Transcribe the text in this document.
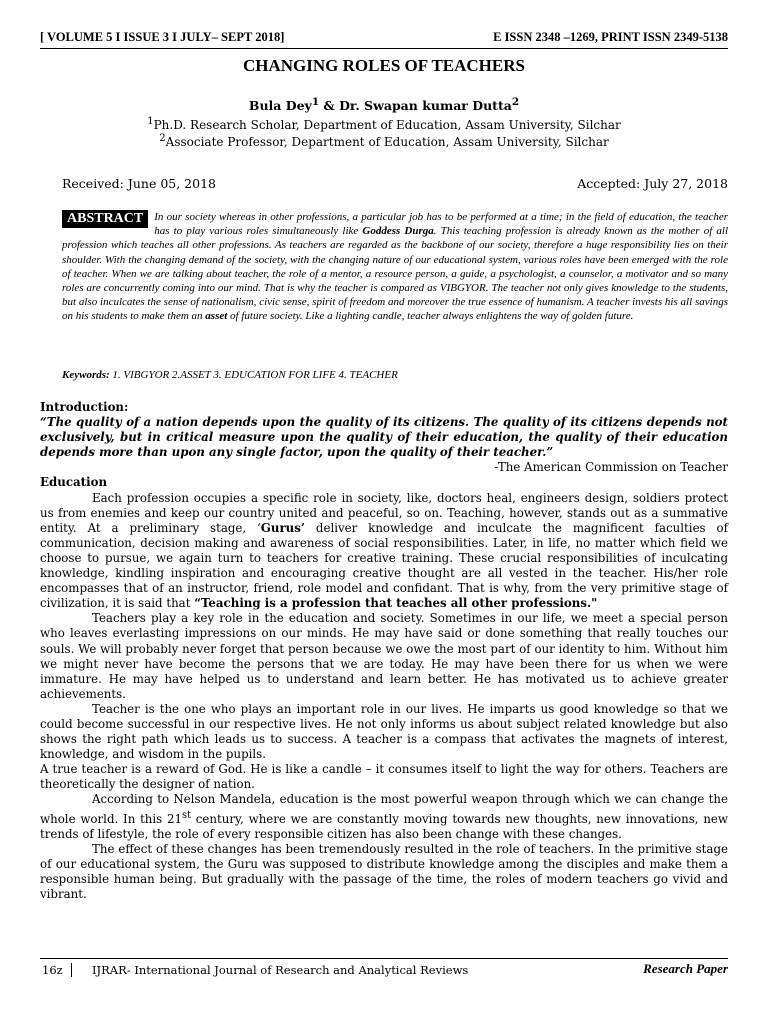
[ VOLUME 5 I ISSUE 3 I JULY– SEPT 2018]	E ISSN 2348 –1269, PRINT ISSN 2349-5138
CHANGING ROLES OF TEACHERS
Bula Dey$^1$ & Dr. Swapan kumar Dutta$^2$
$^1$Ph.D. Research Scholar, Department of Education, Assam University, Silchar
$^2$Associate Professor, Department of Education, Assam University, Silchar
Received: June 05, 2018	Accepted: July 27, 2018
ABSTRACT	In our society whereas in other professions, a particular job has to be performed at a time; in the field of education, the teacher has to play various roles simultaneously like Goddess Durga. This teaching profession is already known as the mother of all profession which teaches all other professions. As teachers are regarded as the backbone of our society, therefore a huge responsibility lies on their shoulder. With the changing demand of the society, with the changing nature of our educational system, various roles have been emerged with the role of teacher. When we are talking about teacher, the role of a mentor, a resource person, a guide, a psychologist, a counselor, a motivator and so many roles are concurrently coming into our mind. That is why the teacher is compared as VIBGYOR. The teacher not only gives knowledge to the students, but also inculcates the sense of nationalism, civic sense, spirit of freedom and moreover the true essence of humanism. A teacher invests his all savings on his students to make them an asset of future society. Like a lighting candle, teacher always enlightens the way of golden future.
Keywords: 1. VIBGYOR 2.ASSET 3. EDUCATION FOR LIFE 4. TEACHER

Introduction:

“The quality of a nation depends upon the quality of its citizens. The quality of its citizens depends not exclusively, but in critical measure upon the quality of their education, the quality of their education depends more than upon any single factor, upon the quality of their teacher.”

-The American Commission on Teacher

Education

Each profession occupies a specific role in society, like, doctors heal, engineers design, soldiers protect us from enemies and keep our country united and peaceful, so on. Teaching, however, stands out as a summative entity. At a preliminary stage, ‘Gurus’ deliver knowledge and inculcate the magnificent faculties of communication, decision making and awareness of social responsibilities. Later, in life, no matter which field we choose to pursue, we again turn to teachers for creative training. These crucial responsibilities of inculcating knowledge, kindling inspiration and encouraging creative thought are all vested in the teacher. His/her role encompasses that of an instructor, friend, role model and confidant. That is why, from the very primitive stage of civilization, it is said that “Teaching is a profession that teaches all other professions."

Teachers play a key role in the education and society. Sometimes in our life, we meet a special person who leaves everlasting impressions on our minds. He may have said or done something that really touches our souls. We will probably never forget that person because we owe the most part of our identity to him. Without him we might never have become the persons that we are today. He may have been there for us when we were immature. He may have helped us to understand and learn better. He has motivated us to achieve greater achievements.

Teacher is the one who plays an important role in our lives. He imparts us good knowledge so that we could become successful in our respective lives. He not only informs us about subject related knowledge but also shows the right path which leads us to success. A teacher is a compass that activates the magnets of interest, knowledge, and wisdom in the pupils.

A true teacher is a reward of God. He is like a candle – it consumes itself to light the way for others. Teachers are theoretically the designer of nation.

According to Nelson Mandela, education is the most powerful weapon through which we can change the whole world. In this 21st century, where we are constantly moving towards new thoughts, new innovations, new trends of lifestyle, the role of every responsible citizen has also been change with these changes.

The effect of these changes has been tremendously resulted in the role of teachers. In the primitive stage of our educational system, the Guru was supposed to distribute knowledge among the disciples and make them a responsible human being. But gradually with the passage of the time, the roles of modern teachers go vivid and vibrant.

16z	IJRAR- International Journal of Research and Analytical Reviews	Research Paper
